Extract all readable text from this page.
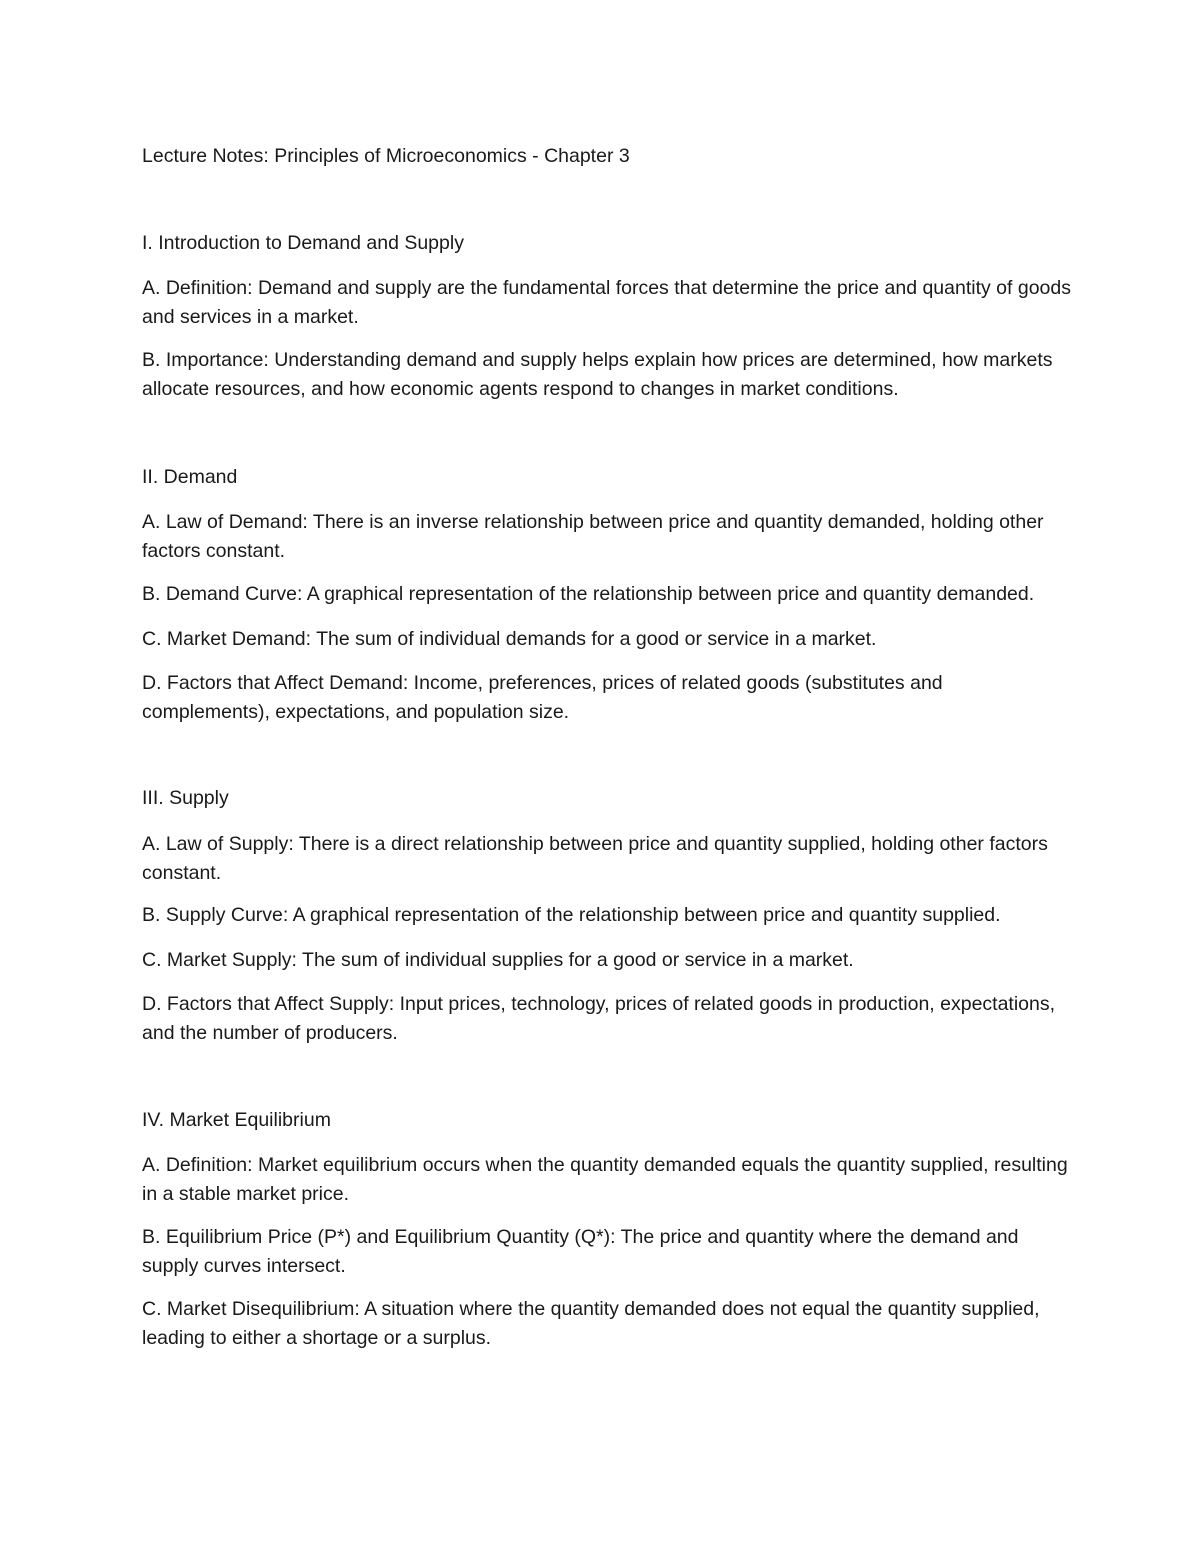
Lecture Notes: Principles of Microeconomics - Chapter 3
I. Introduction to Demand and Supply

A. Definition: Demand and supply are the fundamental forces that determine the price and quantity of goods and services in a market.

B. Importance: Understanding demand and supply helps explain how prices are determined, how markets allocate resources, and how economic agents respond to changes in market conditions.

II. Demand

A. Law of Demand: There is an inverse relationship between price and quantity demanded, holding other factors constant.

B. Demand Curve: A graphical representation of the relationship between price and quantity demanded.

C. Market Demand: The sum of individual demands for a good or service in a market.

D. Factors that Affect Demand: Income, preferences, prices of related goods (substitutes and complements), expectations, and population size.

III. Supply

A. Law of Supply: There is a direct relationship between price and quantity supplied, holding other factors constant.

B. Supply Curve: A graphical representation of the relationship between price and quantity supplied.

C. Market Supply: The sum of individual supplies for a good or service in a market.

D. Factors that Affect Supply: Input prices, technology, prices of related goods in production, expectations, and the number of producers.

IV. Market Equilibrium

A. Definition: Market equilibrium occurs when the quantity demanded equals the quantity supplied, resulting in a stable market price.

B. Equilibrium Price (P*) and Equilibrium Quantity (Q*): The price and quantity where the demand and supply curves intersect.

C. Market Disequilibrium: A situation where the quantity demanded does not equal the quantity supplied, leading to either a shortage or a surplus.
